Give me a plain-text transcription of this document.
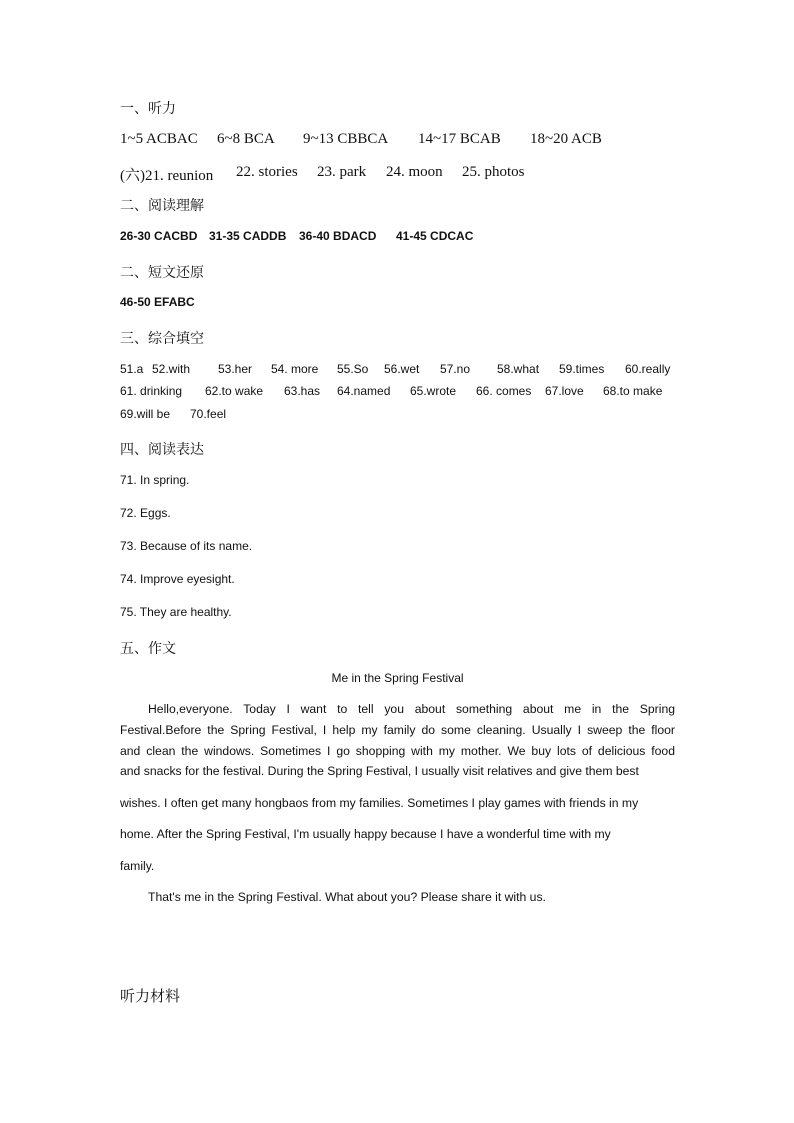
一、听力
1~5 ACBAC	6~8 BCA	9~13 CBBCA	14~17 BCAB	18~20 ACB
(六)21. reunion	22. stories	23. park	24. moon	25. photos
二、阅读理解
26-30 CACBD 31-35 CADDB	36-40 BDACD	41-45 CDCAC
二、短文还原
46-50 EFABC
三、综合填空
51.a 52.with	53.her	54. more	55.So	56.wet	57.no	58.what	59.times	60.really
61. drinking	62.to wake	63.has	64.named	65.wrote	66. comes	67.love	68.to make
69.will be	70.feel
四、阅读表达
71. In spring.
72. Eggs.
73. Because of its name.
74. Improve eyesight.
75. They are healthy.
五、作文
Me in the Spring Festival
Hello,everyone. Today I want to tell you about something about me in the Spring
Festival.Before the Spring Festival, I help my family do some cleaning. Usually I sweep the floor
and clean the windows. Sometimes I go shopping with my mother. We buy lots of delicious food
and snacks for the festival. During the Spring Festival, I usually visit relatives and give them best
wishes. I often get many hongbaos from my families. Sometimes I play games with friends in my
home. After the Spring Festival, I'm usually happy because I have a wonderful time with my
family.
That's me in the Spring Festival. What about you? Please share it with us.
听力材料
